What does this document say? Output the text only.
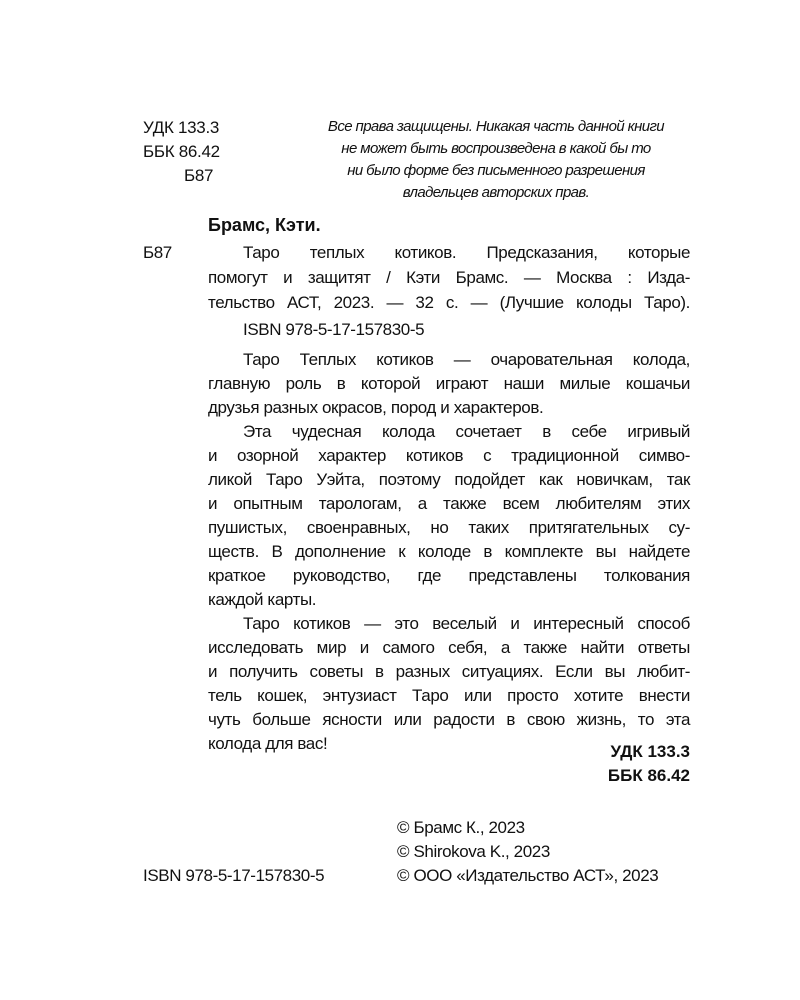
УДК 133.3
ББК 86.42
Б87
Все права защищены. Никакая часть данной книги
не может быть воспроизведена в какой бы то
ни было форме без письменного разрешения
владельцев авторских прав.
Брамс, Кэти.
Б87	Таро теплых котиков. Предсказания, которые
помогут и защитят / Кэти Брамс. — Москва : Изда-
тельство АСТ, 2023. — 32 с. — (Лучшие колоды Таро).
ISBN 978-5-17-157830-5
Таро Теплых котиков — очаровательная колода,
главную роль в которой играют наши милые кошачьи
друзья разных окрасов, пород и характеров.
Эта чудесная колода сочетает в себе игривый
и озорной характер котиков с традиционной симво-
ликой Таро Уэйта, поэтому подойдет как новичкам, так
и опытным тарологам, а также всем любителям этих
пушистых, своенравных, но таких притягательных су-
ществ. В дополнение к колоде в комплекте вы найдете
краткое руководство, где представлены толкования
каждой карты.
Таро котиков — это веселый и интересный способ
исследовать мир и самого себя, а также найти ответы
и получить советы в разных ситуациях. Если вы любит-
тель кошек, энтузиаст Таро или просто хотите внести
чуть больше ясности или радости в свою жизнь, то эта
колода для вас!	УДК 133.3
ББК 86.42
© Брамс К., 2023
© Shirokova K., 2023
© ООО «Издательство АСТ», 2023
ISBN 978-5-17-157830-5
